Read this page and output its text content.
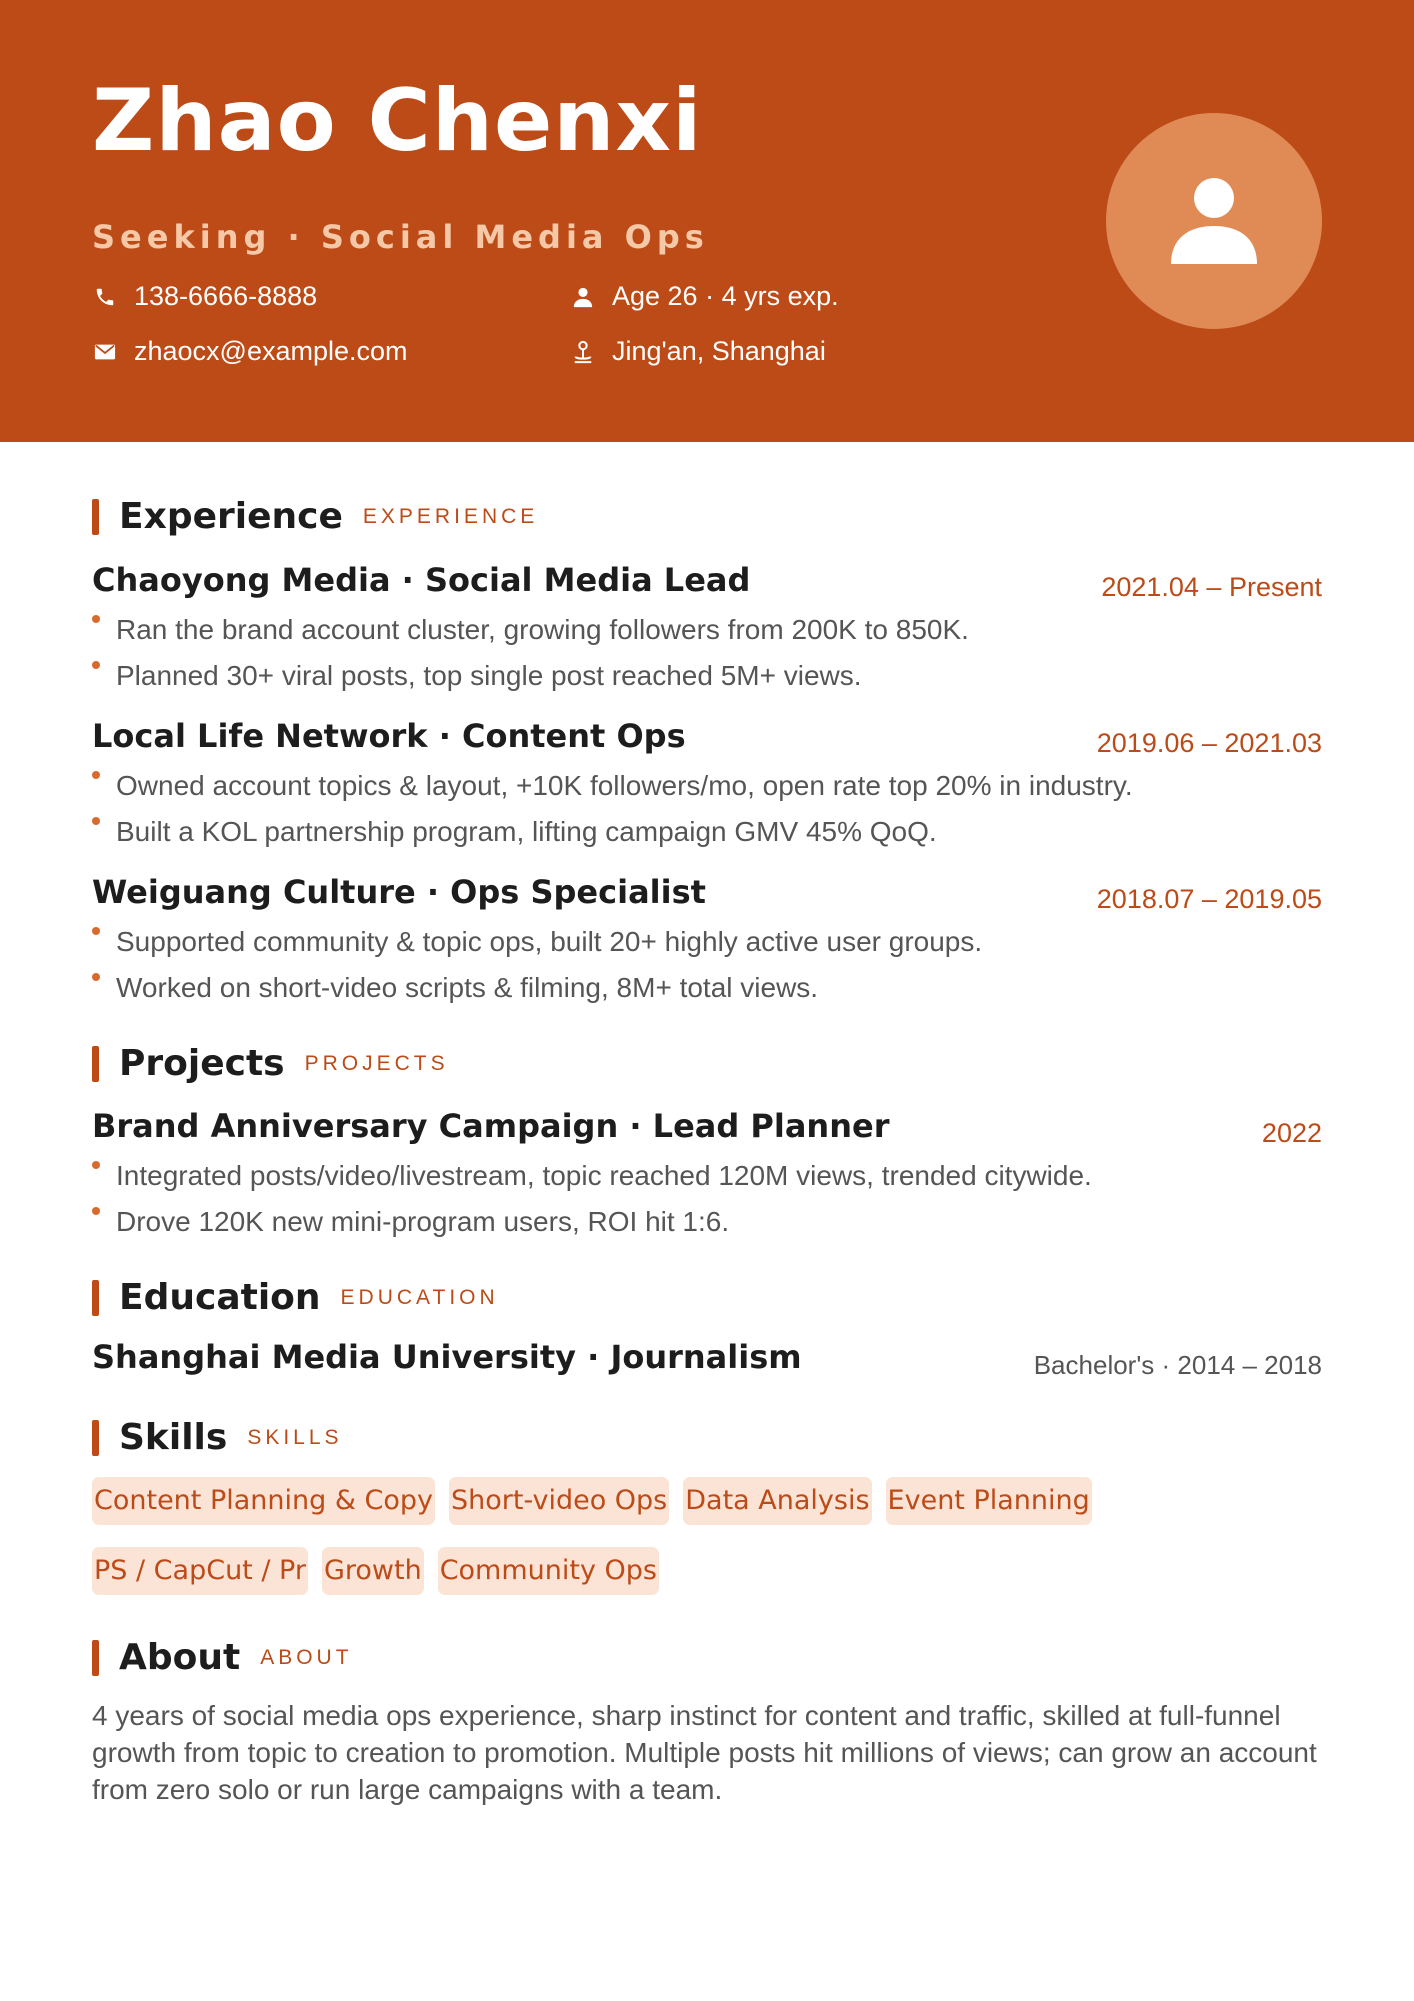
Zhao Chenxi
Seeking · Social Media Ops
138-6666-8888
zhaocx@example.com
Age 26 · 4 yrs exp.
Jing'an, Shanghai
Experience EXPERIENCE
Chaoyong Media · Social Media Lead	2021.04 – Present
Ran the brand account cluster, growing followers from 200K to 850K.
Planned 30+ viral posts, top single post reached 5M+ views.
Local Life Network · Content Ops	2019.06 – 2021.03
Owned account topics & layout, +10K followers/mo, open rate top 20% in industry.
Built a KOL partnership program, lifting campaign GMV 45% QoQ.
Weiguang Culture · Ops Specialist	2018.07 – 2019.05
Supported community & topic ops, built 20+ highly active user groups.
Worked on short-video scripts & filming, 8M+ total views.
Projects PROJECTS
Brand Anniversary Campaign · Lead Planner	2022
Integrated posts/video/livestream, topic reached 120M views, trended citywide.
Drove 120K new mini-program users, ROI hit 1:6.
Education EDUCATION
Shanghai Media University · Journalism	Bachelor's · 2014 – 2018
Skills SKILLS
Content Planning & Copy Short-video Ops Data Analysis Event Planning
PS / CapCut / Pr Growth Community Ops
About ABOUT
4 years of social media ops experience, sharp instinct for content and traffic, skilled at full-funnel growth from topic to creation to promotion. Multiple posts hit millions of views; can grow an account from zero solo or run large campaigns with a team.
